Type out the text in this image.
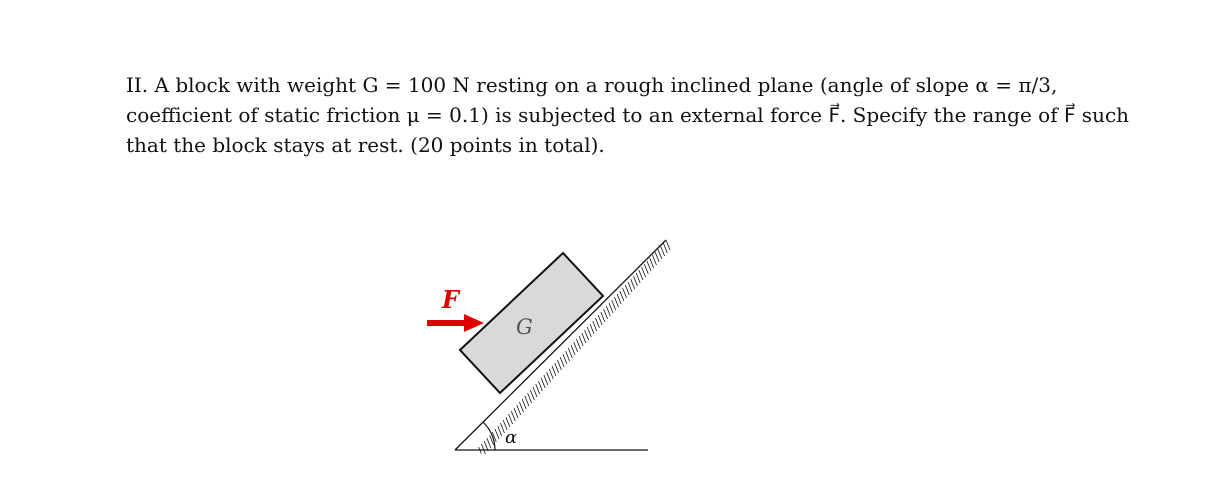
II. A block with weight G = 100 N resting on a rough inclined plane (angle of slope α = π/3,
coefficient of static friction μ = 0.1) is subjected to an external force F⃗. Specify the range of F⃗ such
that the block stays at rest. (20 points in total).
α
G
F
